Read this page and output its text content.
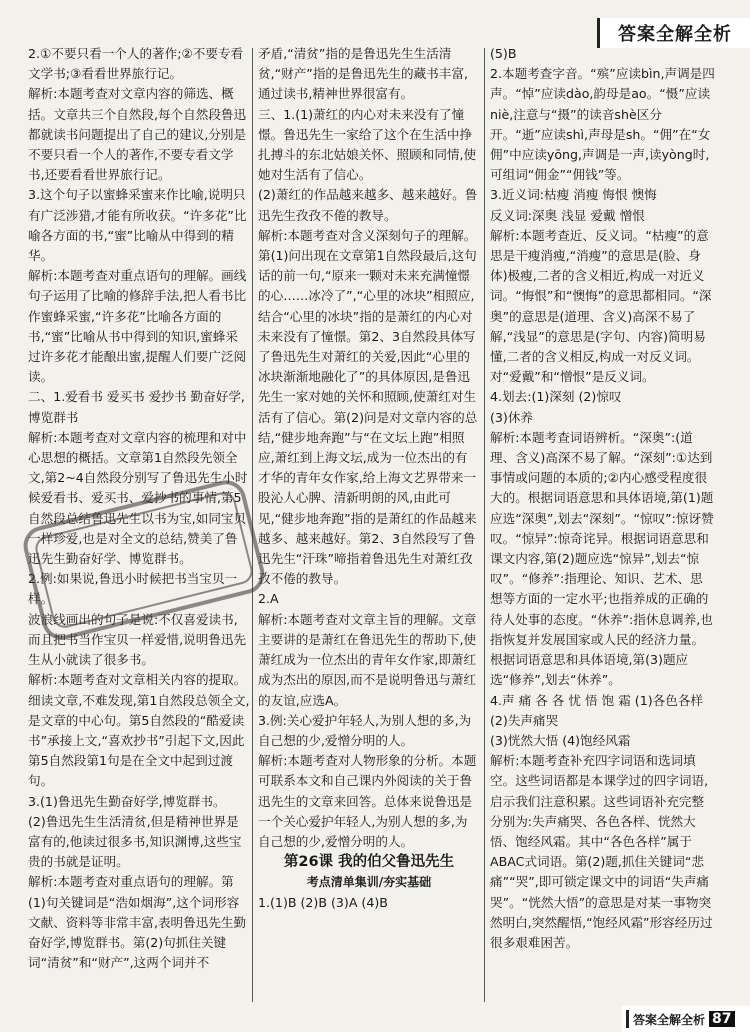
答案全解全析

2.①不要只看一个人的著作;②不要专看文学书;③看看世界旅行记。

解析:本题考查对文章内容的筛选、概括。文章共三个自然段,每个自然段鲁迅都就读书问题提出了自己的建议,分别是不要只看一个人的著作,不要专看文学书,还要看看世界旅行记。

3.这个句子以蜜蜂采蜜来作比喻,说明只有广泛涉猎,才能有所收获。“许多花”比喻各方面的书,“蜜”比喻从中得到的精华。

解析:本题考查对重点语句的理解。画线句子运用了比喻的修辞手法,把人看书比作蜜蜂采蜜,“许多花”比喻各方面的书,“蜜”比喻从书中得到的知识,蜜蜂采过许多花才能酿出蜜,提醒人们要广泛阅读。

二、1.爱看书 爱买书 爱抄书 勤奋好学,博览群书

解析:本题考查对文章内容的梳理和对中心思想的概括。文章第1自然段先领全文,第2~4自然段分别写了鲁迅先生小时候爱看书、爱买书、爱抄书的事情,第5自然段总结鲁迅先生以书为宝,如同宝贝一样珍爱,也是对全文的总结,赞美了鲁迅先生勤奋好学、博览群书。

2.例:如果说,鲁迅小时候把书当宝贝一样。

波浪线画出的句子是说:不仅喜爱读书,而且把书当作宝贝一样爱惜,说明鲁迅先生从小就读了很多书。

解析:本题考查对文章相关内容的提取。细读文章,不难发现,第1自然段总领全文,是文章的中心句。第5自然段的“酷爱读书”承接上文,“喜欢抄书”引起下文,因此第5自然段第1句是在全文中起到过渡句。

3.(1)鲁迅先生勤奋好学,博览群书。

(2)鲁迅先生生活清贫,但是精神世界是富有的,他读过很多书,知识渊博,这些宝贵的书就是证明。

解析:本题考查对重点语句的理解。第(1)句关键词是“浩如烟海”,这个词形容文献、资料等非常丰富,表明鲁迅先生勤奋好学,博览群书。第(2)句抓住关键词“清贫”和“财产”,这两个词并不

矛盾,“清贫”指的是鲁迅先生生活清贫,“财产”指的是鲁迅先生的藏书丰富,通过读书,精神世界很富有。

三、1.(1)萧红的内心对未来没有了憧憬。鲁迅先生一家给了这个在生活中挣扎搏斗的东北姑娘关怀、照顾和同情,使她对生活有了信心。

(2)萧红的作品越来越多、越来越好。鲁迅先生孜孜不倦的教导。

解析:本题考查对含义深刻句子的理解。第(1)问出现在文章第1自然段最后,这句话的前一句,“原来一颗对未来充满憧憬的心……冰冷了”,“心里的冰块”相照应,结合“心里的冰块”指的是萧红的内心对未来没有了憧憬。第2、3自然段具体写了鲁迅先生对萧红的关爱,因此“心里的冰块渐渐地融化了”的具体原因,是鲁迅先生一家对她的关怀和照顾,使萧红对生活有了信心。第(2)问是对文章内容的总结,“健步地奔跑”与“在文坛上跑”相照应,萧红到上海文坛,成为一位杰出的有才华的青年女作家,给上海文艺界带来一股沁人心脾、清新明朗的风,由此可见,“健步地奔跑”指的是萧红的作品越来越多、越来越好。第2、3自然段写了鲁迅先生“汗珠”啼指着鲁迅先生对萧红孜孜不倦的教导。

2.A

解析:本题考查对文章主旨的理解。文章主要讲的是萧红在鲁迅先生的帮助下,使萧红成为一位杰出的青年女作家,即萧红成为杰出的原因,而不是说明鲁迅与萧红的友谊,应选A。

3.例:关心爱护年轻人,为别人想的多,为自己想的少,爱憎分明的人。

解析:本题考查对人物形象的分析。本题可联系本文和自己课内外阅读的关于鲁迅先生的文章来回答。总体来说鲁迅是一个关心爱护年轻人,为别人想的多,为自己想的少,爱憎分明的人。

第26课 我的伯父鲁迅先生

考点清单集训/夯实基础

1.(1)B (2)B (3)A (4)B

(5)B

2.本题考查字音。“殡”应读bìn,声调是四声。“悼”应读dào,韵母是ao。“慑”应读niè,注意与“摄”的读音shè区分开。“逝”应读shì,声母是sh。“佣”在“女佣”中应读yōng,声调是一声,读yòng时,可组词“佣金”“佣钱”等。

3.近义词:枯瘦 消瘦 悔恨 懊悔

反义词:深奥 浅显 爱戴 憎恨

解析:本题考查近、反义词。“枯瘦”的意思是干瘦消瘦,“消瘦”的意思是(脸、身体)极瘦,二者的含义相近,构成一对近义词。“悔恨”和“懊悔”的意思都相同。“深奥”的意思是(道理、含义)高深不易了解,“浅显”的意思是(字句、内容)简明易懂,二者的含义相反,构成一对反义词。对“爱戴”和“憎恨”是反义词。

4.划去:(1)深刻 (2)惊叹

(3)休养

解析:本题考查词语辨析。“深奥”:(道理、含义)高深不易了解。“深刻”:①达到事情或问题的本质的;②内心感受程度很大的。根据词语意思和具体语境,第(1)题应选“深奥”,划去“深刻”。“惊叹”:惊讶赞叹。“惊异”:惊奇诧异。根据词语意思和课文内容,第(2)题应选“惊异”,划去“惊叹”。“修养”:指理论、知识、艺术、思想等方面的一定水平;也指养成的正确的待人处事的态度。“休养”:指休息调养,也指恢复并发展国家或人民的经济力量。根据词语意思和具体语境,第(3)题应选“修养”,划去“休养”。

4.声 痛 各 各 忧 悟 饱 霜 (1)各色各样 (2)失声痛哭

(3)恍然大悟 (4)饱经风霜

解析:本题考查补充四字词语和选词填空。这些词语都是本课学过的四字词语,启示我们注意积累。这些词语补充完整分别为:失声痛哭、各色各样、恍然大悟、饱经风霜。其中“各色各样”属于ABAC式词语。第(2)题,抓住关键词“悲痛”“哭”,即可锁定课文中的词语“失声痛哭”。“恍然大悟”的意思是对某一事物突然明白,突然醒悟,“饱经风霜”形容经历过很多艰难困苦。

答案全解全析 87
